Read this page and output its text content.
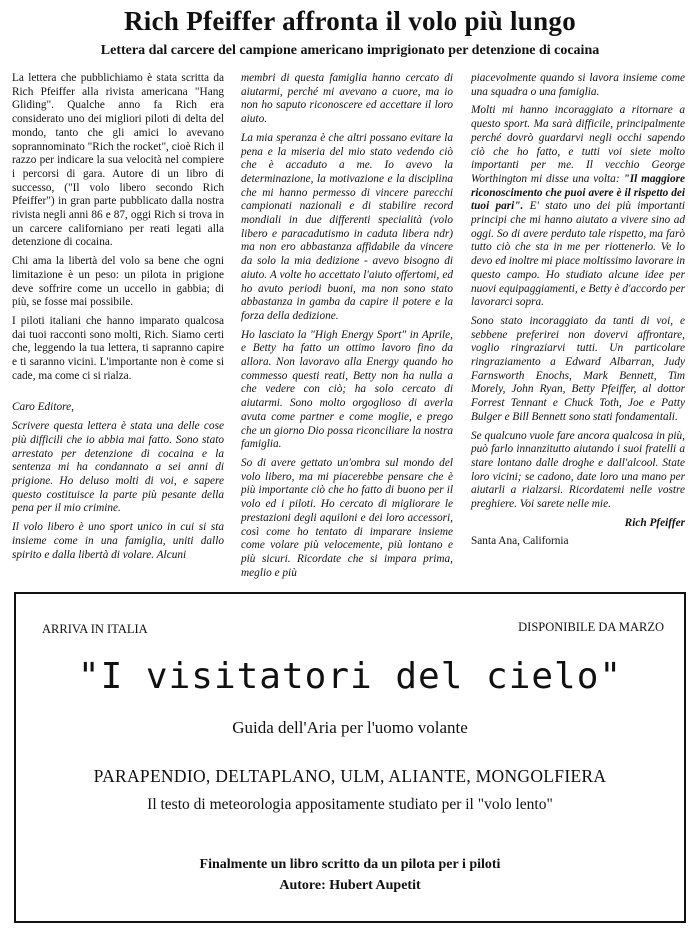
Rich Pfeiffer affronta il volo più lungo
Lettera dal carcere del campione americano imprigionato per detenzione di cocaina

La lettera che pubblichiamo è stata scritta da Rich Pfeiffer alla rivista americana "Hang Gliding". Qualche anno fa Rich era considerato uno dei migliori piloti di delta del mondo, tanto che gli amici lo avevano soprannominato "Rich the rocket", cioè Rich il razzo per indicare la sua velocità nel compiere i percorsi di gara. Autore di un libro di successo, ("Il volo libero secondo Rich Pfeiffer") in gran parte pubblicato dalla nostra rivista negli anni 86 e 87, oggi Rich si trova in un carcere californiano per reati legati alla detenzione di cocaina.

Chi ama la libertà del volo sa bene che ogni limitazione è un peso: un pilota in prigione deve soffrire come un uccello in gabbia; di più, se fosse mai possibile.

I piloti italiani che hanno imparato qualcosa dai tuoi racconti sono molti, Rich. Siamo certi che, leggendo la tua lettera, ti sapranno capire e ti saranno vicini. L'importante non è come si cade, ma come ci si rialza.

Caro Editore,

Scrivere questa lettera è stata una delle cose più difficili che io abbia mai fatto. Sono stato arrestato per detenzione di cocaina e la sentenza mi ha condannato a sei anni di prigione. Ho deluso molti di voi, e sapere questo costituisce la parte più pesante della pena per il mio crimine.

Il volo libero è uno sport unico in cui si sta insieme come in una famiglia, uniti dallo spirito e dalla libertà di volare. Alcuni

membri di questa famiglia hanno cercato di aiutarmi, perché mi avevano a cuore, ma io non ho saputo riconoscere ed accettare il loro aiuto.

La mia speranza è che altri possano evitare la pena e la miseria del mio stato vedendo ciò che è accaduto a me. Io avevo la determinazione, la motivazione e la disciplina che mi hanno permesso di vincere parecchi campionati nazionali e di stabilire record mondiali in due differenti specialità (volo libero e paracadutismo in caduta libera ndr) ma non ero abbastanza affidabile da vincere da solo la mia dedizione - avevo bisogno di aiuto. A volte ho accettato l'aiuto offertomi, ed ho avuto periodi buoni, ma non sono stato abbastanza in gamba da capire il potere e la forza della dedizione.

Ho lasciato la "High Energy Sport" in Aprile, e Betty ha fatto un ottimo lavoro fino da allora. Non lavoravo alla Energy quando ho commesso questi reati, Betty non ha nulla a che vedere con ciò; ha solo cercato di aiutarmi. Sono molto orgoglioso di averla avuta come partner e come moglie, e prego che un giorno Dio possa riconciliare la nostra famiglia.

So di avere gettato un'ombra sul mondo del volo libero, ma mi piacerebbe pensare che è più importante ciò che ho fatto di buono per il volo ed i piloti. Ho cercato di migliorare le prestazioni degli aquiloni e dei loro accessori, così come ho tentato di imparare insieme come volare più velocemente, più lontano e più sicuri. Ricordate che si impara prima, meglio e più

piacevolmente quando si lavora insieme come una squadra o una famiglia.

Molti mi hanno incoraggiato a ritornare a questo sport. Ma sarà difficile, principalmente perché dovrò guardarvi negli occhi sapendo ciò che ho fatto, e tutti voi siete molto importanti per me. Il vecchio George Worthington mi disse una volta: "Il maggiore riconoscimento che puoi avere è il rispetto dei tuoi pari". E' stato uno dei più importanti principi che mi hanno aiutato a vivere sino ad oggi. So di avere perduto tale rispetto, ma farò tutto ciò che sta in me per riottenerlo. Ve lo devo ed inoltre mi piace moltissimo lavorare in questo campo. Ho studiato alcune idee per nuovi equipaggiamenti, e Betty è d'accordo per lavorarci sopra.

Sono stato incoraggiato da tanti di voi, e sebbene preferirei non dovervi affrontare, voglio ringraziarvi tutti. Un particolare ringraziamento a Edward Albarran, Judy Farnsworth Enochs, Mark Bennett, Tim Morely, John Ryan, Betty Pfeiffer, al dottor Forrest Tennant e Chuck Toth, Joe e Patty Bulger e Bill Bennett sono stati fondamentali.

Se qualcuno vuole fare ancora qualcosa in più, può farlo innanzitutto aiutando i suoi fratelli a stare lontano dalle droghe e dall'alcool. State loro vicini; se cadono, date loro una mano per aiutarli a rialzarsi. Ricordatemi nelle vostre preghiere. Voi sarete nelle mie.

Rich Pfeiffer
Santa Ana, California
ARRIVA IN ITALIA	DISPONIBILE DA MARZO
"I visitatori del cielo"
Guida dell'Aria per l'uomo volante
PARAPENDIO, DELTAPLANO, ULM, ALIANTE, MONGOLFIERA
Il testo di meteorologia appositamente studiato per il "volo lento"
Finalmente un libro scritto da un pilota per i piloti
Autore: Hubert Aupetit
